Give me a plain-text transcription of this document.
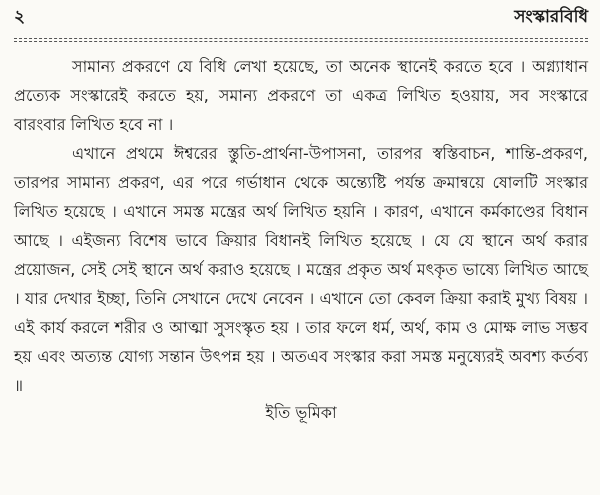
২	সংস্কারবিধি

সামান্য প্রকরণে যে বিধি লেখা হয়েছে, তা অনেক স্থানেই করতে হবে । অগ্ন্যাধান প্রত্যেক সংস্কারেই করতে হয়, সমান্য প্রকরণে তা একত্র লিখিত হওয়ায়, সব সংস্কারে বারংবার লিখিত হবে না ।

এখানে প্রথমে ঈশ্বরের স্তুতি-প্রার্থনা-উপাসনা, তারপর স্বস্তিবাচন, শান্তি-প্রকরণ, তারপর সামান্য প্রকরণ, এর পরে গর্ভাধান থেকে অন্ত্যেষ্টি পর্যন্ত ক্রমান্বয়ে ষোলটি সংস্কার লিখিত হয়েছে । এখানে সমস্ত মন্ত্রের অর্থ লিখিত হয়নি । কারণ, এখানে কর্মকাণ্ডের বিধান আছে । এইজন্য বিশেষ ভাবে ক্রিয়ার বিধানই লিখিত হয়েছে । যে যে স্থানে অর্থ করার প্রয়োজন, সেই সেই স্থানে অর্থ করাও হয়েছে । মন্ত্রের প্রকৃত অর্থ মৎকৃত ভাষ্যে লিখিত আছে । যার দেখার ইচ্ছা, তিনি সেখানে দেখে নেবেন । এখানে তো কেবল ক্রিয়া করাই মুখ্য বিষয় । এই কার্য করলে শরীর ও আত্মা সুসংস্কৃত হয় । তার ফলে ধর্ম, অর্থ, কাম ও মোক্ষ লাভ সম্ভব হয় এবং অত্যন্ত যোগ্য সন্তান উৎপন্ন হয় । অতএব সংস্কার করা সমস্ত মনুষ্যেরই অবশ্য কর্তব্য ॥

ইতি ভূমিকা
